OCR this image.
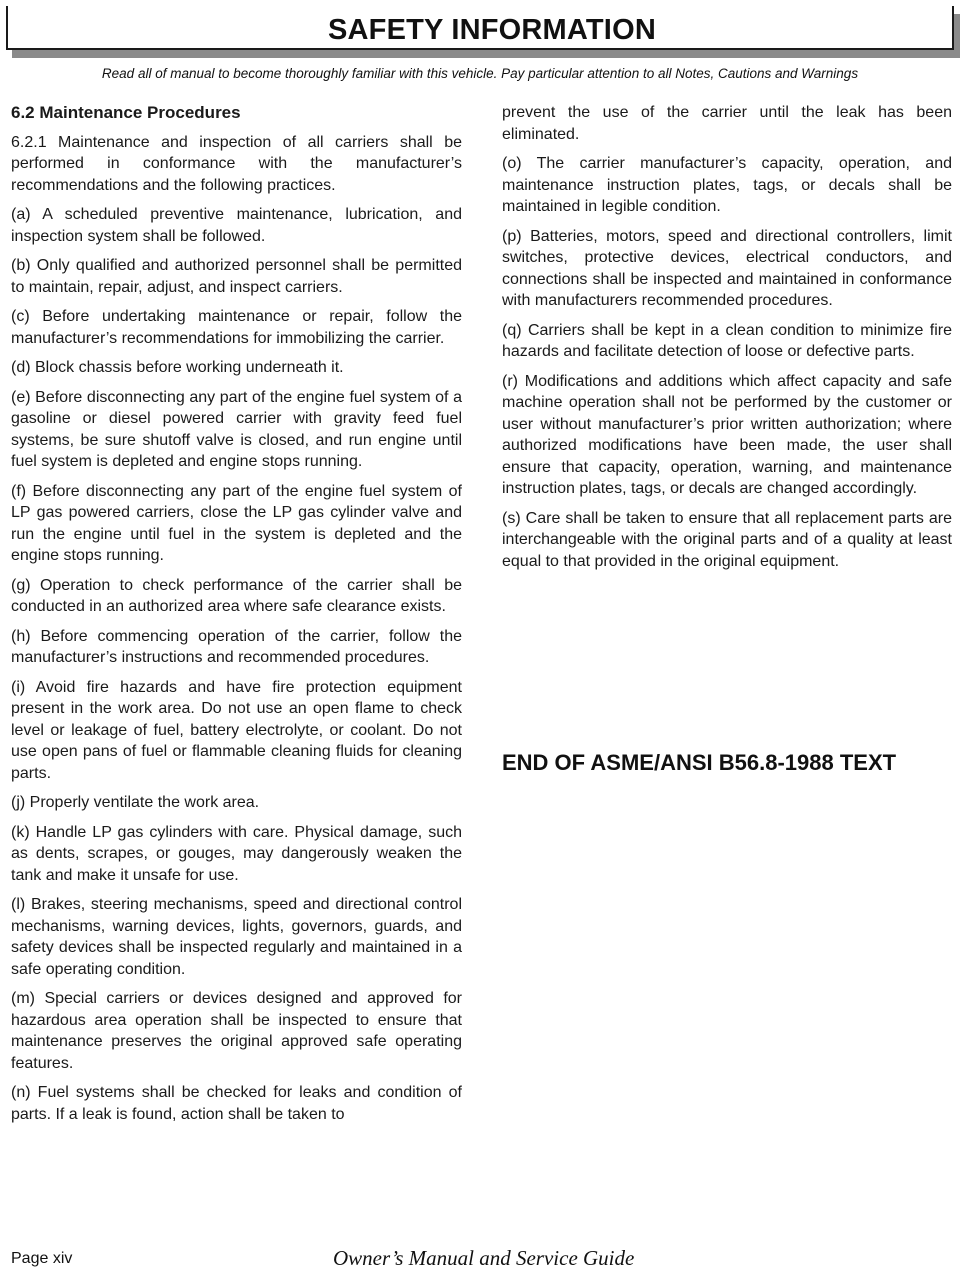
SAFETY INFORMATION
Read all of manual to become thoroughly familiar with this vehicle. Pay particular attention to all Notes, Cautions and Warnings

6.2 Maintenance Procedures

6.2.1 Maintenance and inspection of all carriers shall be performed in conformance with the manufacturer’s recommendations and the following practices.

(a) A scheduled preventive maintenance, lubrication, and inspection system shall be followed.

(b) Only qualified and authorized personnel shall be permitted to maintain, repair, adjust, and inspect carriers.

(c) Before undertaking maintenance or repair, follow the manufacturer’s recommendations for immobilizing the carrier.

(d) Block chassis before working underneath it.

(e) Before disconnecting any part of the engine fuel system of a gasoline or diesel powered carrier with gravity feed fuel systems, be sure shutoff valve is closed, and run engine until fuel system is depleted and engine stops running.

(f) Before disconnecting any part of the engine fuel system of LP gas powered carriers, close the LP gas cylinder valve and run the engine until fuel in the system is depleted and the engine stops running.

(g) Operation to check performance of the carrier shall be conducted in an authorized area where safe clearance exists.

(h) Before commencing operation of the carrier, follow the manufacturer’s instructions and recommended procedures.

(i) Avoid fire hazards and have fire protection equipment present in the work area. Do not use an open flame to check level or leakage of fuel, battery electrolyte, or coolant. Do not use open pans of fuel or flammable cleaning fluids for cleaning parts.

(j) Properly ventilate the work area.

(k) Handle LP gas cylinders with care. Physical damage, such as dents, scrapes, or gouges, may dangerously weaken the tank and make it unsafe for use.

(l) Brakes, steering mechanisms, speed and directional control mechanisms, warning devices, lights, governors, guards, and safety devices shall be inspected regularly and maintained in a safe operating condition.

(m) Special carriers or devices designed and approved for hazardous area operation shall be inspected to ensure that maintenance preserves the original approved safe operating features.

(n) Fuel systems shall be checked for leaks and condition of parts. If a leak is found, action shall be taken to

prevent the use of the carrier until the leak has been eliminated.

(o) The carrier manufacturer’s capacity, operation, and maintenance instruction plates, tags, or decals shall be maintained in legible condition.

(p) Batteries, motors, speed and directional controllers, limit switches, protective devices, electrical conductors, and connections shall be inspected and maintained in conformance with manufacturers recommended procedures.

(q) Carriers shall be kept in a clean condition to minimize fire hazards and facilitate detection of loose or defective parts.

(r) Modifications and additions which affect capacity and safe machine operation shall not be performed by the customer or user without manufacturer’s prior written authorization; where authorized modifications have been made, the user shall ensure that capacity, operation, warning, and maintenance instruction plates, tags, or decals are changed accordingly.

(s) Care shall be taken to ensure that all replacement parts are interchangeable with the original parts and of a quality at least equal to that provided in the original equipment.

END OF ASME/ANSI B56.8-1988 TEXT
Page xiv	Owner’s Manual and Service Guide
